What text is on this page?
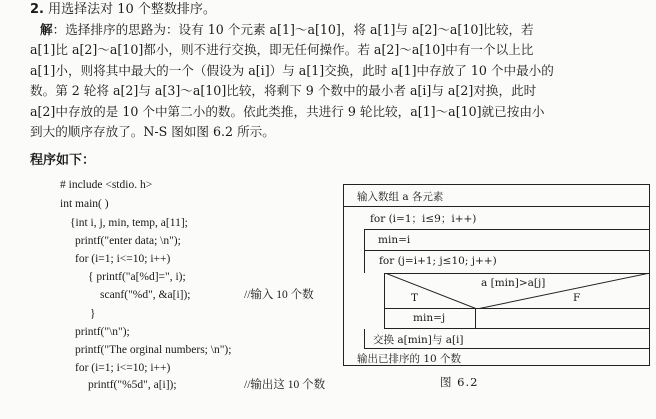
2. 用选择法对 10 个整数排序。
解：选择排序的思路为：设有 10 个元素 a[1]～a[10]，将 a[1]与 a[2]～a[10]比较，若
a[1]比 a[2]～a[10]都小，则不进行交换，即无任何操作。若 a[2]～a[10]中有一个以上比
a[1]小，则将其中最大的一个（假设为 a[i]）与 a[1]交换，此时 a[1]中存放了 10 个中最小的
数。第 2 轮将 a[2]与 a[3]～a[10]比较，将剩下 9 个数中的最小者 a[i]与 a[2]对换，此时
a[2]中存放的是 10 个中第二小的数。依此类推，共进行 9 轮比较，a[1]～a[10]就已按由小
到大的顺序存放了。N-S 图如图 6.2 所示。
程序如下：
# include <stdio. h>
int main( )
{int i, j, min, temp, a[11];
printf("enter data; \n");
for (i=1; i<=10; i++)
{ printf("a[%d]=", i);
scanf("%d", &a[i]);	//输入 10 个数
}
printf("\n");
printf("The orginal numbers; \n");
for (i=1; i<=10; i++)
printf("%5d", a[i]);	//输出这 10 个数
输入数组 a 各元素
for (i=1；i≤9；i++)
min=i
for (j=i+1; j≤10; j++)
a [min]>a[j]
T	F
min=j
交换 a[min]与 a[i]
输出已排序的 10 个数
图 6.2
